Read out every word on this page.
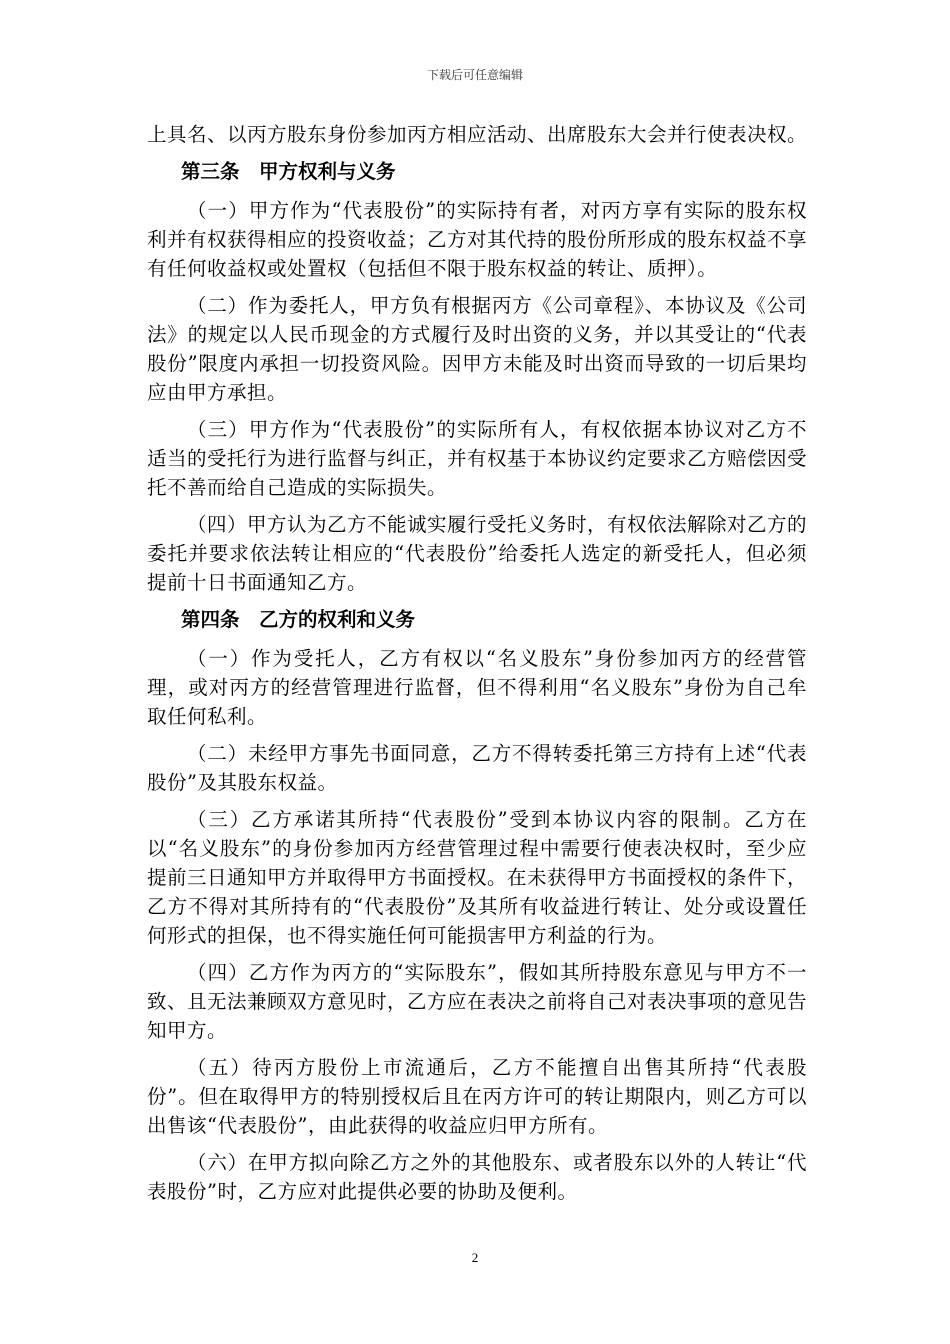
下载后可任意编辑

上具名、以丙方股东身份参加丙方相应活动、出席股东大会并行使表决权。

第三条　甲方权利与义务

（一）甲方作为“代表股份”的实际持有者，对丙方享有实际的股东权利并有权获得相应的投资收益；乙方对其代持的股份所形成的股东权益不享有任何收益权或处置权（包括但不限于股东权益的转让、质押）。

（二）作为委托人，甲方负有根据丙方《公司章程》、本协议及《公司法》的规定以人民币现金的方式履行及时出资的义务，并以其受让的“代表股份”限度内承担一切投资风险。因甲方未能及时出资而导致的一切后果均应由甲方承担。

（三）甲方作为“代表股份”的实际所有人，有权依据本协议对乙方不适当的受托行为进行监督与纠正，并有权基于本协议约定要求乙方赔偿因受托不善而给自己造成的实际损失。

（四）甲方认为乙方不能诚实履行受托义务时，有权依法解除对乙方的委托并要求依法转让相应的“代表股份”给委托人选定的新受托人，但必须提前十日书面通知乙方。

第四条　乙方的权利和义务

（一）作为受托人，乙方有权以“名义股东”身份参加丙方的经营管理，或对丙方的经营管理进行监督，但不得利用“名义股东”身份为自己牟取任何私利。

（二）未经甲方事先书面同意，乙方不得转委托第三方持有上述“代表股份”及其股东权益。

（三）乙方承诺其所持“代表股份”受到本协议内容的限制。乙方在以“名义股东”的身份参加丙方经营管理过程中需要行使表决权时，至少应提前三日通知甲方并取得甲方书面授权。在未获得甲方书面授权的条件下，乙方不得对其所持有的“代表股份”及其所有收益进行转让、处分或设置任何形式的担保，也不得实施任何可能损害甲方利益的行为。

（四）乙方作为丙方的“实际股东”，假如其所持股东意见与甲方不一致、且无法兼顾双方意见时，乙方应在表决之前将自己对表决事项的意见告知甲方。

（五）待丙方股份上市流通后，乙方不能擅自出售其所持“代表股份”。但在取得甲方的特别授权后且在丙方许可的转让期限内，则乙方可以出售该“代表股份”，由此获得的收益应归甲方所有。

（六）在甲方拟向除乙方之外的其他股东、或者股东以外的人转让“代表股份”时，乙方应对此提供必要的协助及便利。

2
